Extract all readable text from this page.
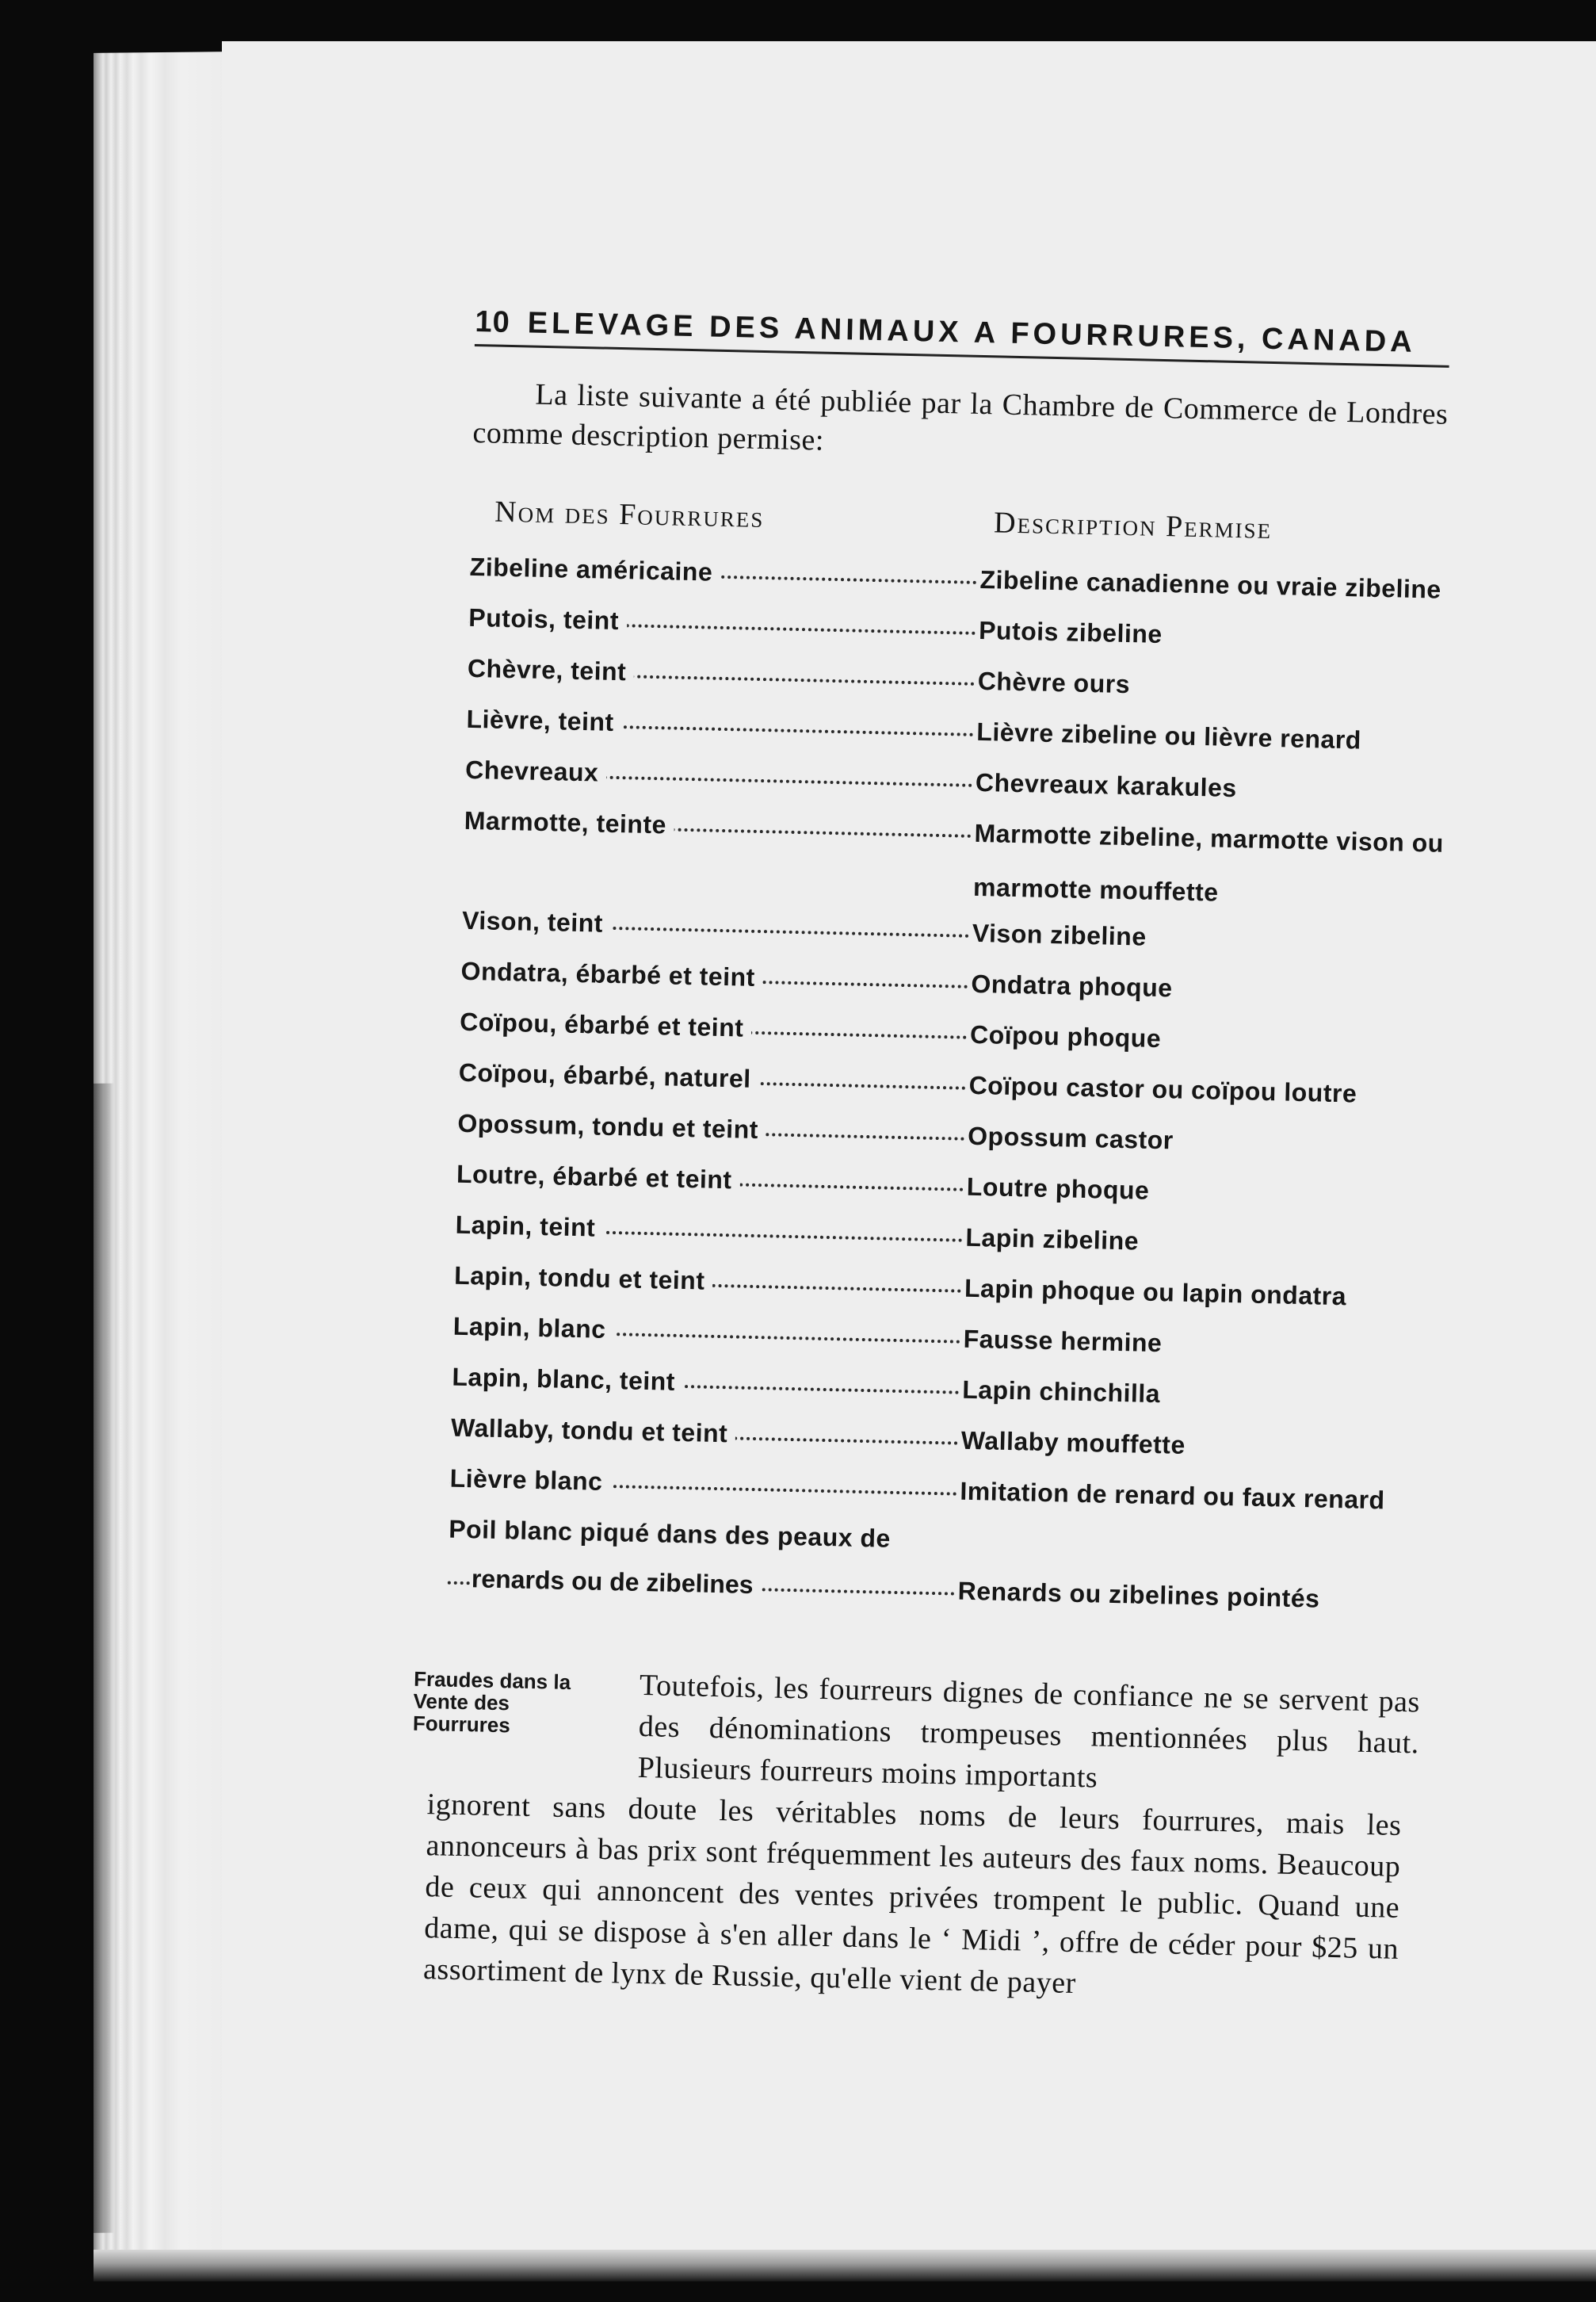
10 ELEVAGE DES ANIMAUX A FOURRURES, CANADA

La liste suivante a été publiée par la Chambre de Commerce de Londres comme description permise:

Nom des Fourrures	Description Permise
Zibeline américaine	Zibeline canadienne ou vraie zibeline
Putois, teint	Putois zibeline
Chèvre, teint	Chèvre ours
Lièvre, teint	Lièvre zibeline ou lièvre renard
Chevreaux	Chevreaux karakules
Marmotte, teinte	Marmotte zibeline, marmotte vison ou marmotte mouffette
Vison, teint	Vison zibeline
Ondatra, ébarbé et teint	Ondatra phoque
Coïpou, ébarbé et teint	Coïpou phoque
Coïpou, ébarbé, naturel	Coïpou castor ou coïpou loutre
Opossum, tondu et teint	Opossum castor
Loutre, ébarbé et teint	Loutre phoque
Lapin, teint	Lapin zibeline
Lapin, tondu et teint	Lapin phoque ou lapin ondatra
Lapin, blanc	Fausse hermine
Lapin, blanc, teint	Lapin chinchilla
Wallaby, tondu et teint	Wallaby mouffette
Lièvre blanc	Imitation de renard ou faux renard
Poil blanc piqué dans des peaux de
renards ou de zibelines	Renards ou zibelines pointés
Fraudes dans la Vente des Fourrures
Toutefois, les fourreurs dignes de confiance ne se servent pas des dénominations trompeuses mentionnées plus haut. Plusieurs fourreurs moins importants
ignorent sans doute les véritables noms de leurs fourrures, mais les annonceurs à bas prix sont fréquemment les auteurs des faux noms. Beaucoup de ceux qui annoncent des ventes privées trompent le public. Quand une dame, qui se dispose à s'en aller dans le ‘ Midi ’, offre de céder pour $25 un assortiment de lynx de Russie, qu'elle vient de payer
